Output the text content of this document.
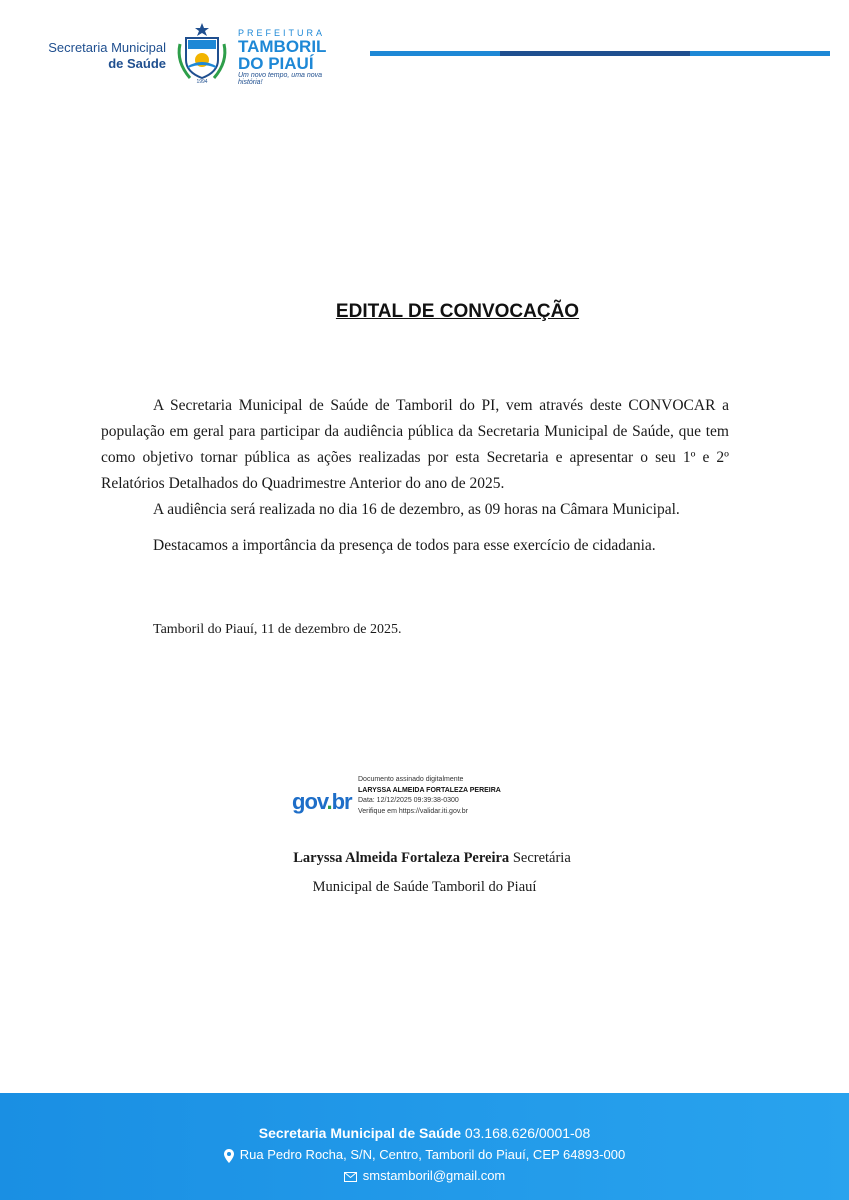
Secretaria Municipal
de Saúde
1994
PREFEITURA
TAMBORIL
DO PIAUÍ
Um novo tempo, uma nova história!
EDITAL DE CONVOCAÇÃO
A Secretaria Municipal de Saúde de Tamboril do PI, vem através deste CONVOCAR a população em geral para participar da audiência pública da Secretaria Municipal de Saúde, que tem como objetivo tornar pública as ações realizadas por esta Secretaria e apresentar o seu 1º e 2º Relatórios Detalhados do Quadrimestre Anterior do ano de 2025.
A audiência será realizada no dia 16 de dezembro, as 09 horas na Câmara Municipal.
Destacamos a importância da presença de todos para esse exercício de cidadania.
Tamboril do Piauí, 11 de dezembro de 2025.
gov.br
Documento assinado digitalmente
LARYSSA ALMEIDA FORTALEZA PEREIRA
Data: 12/12/2025 09:39:38-0300
Verifique em https://validar.iti.gov.br
Laryssa Almeida Fortaleza Pereira Secretária
Municipal de Saúde Tamboril do Piauí
Secretaria Municipal de Saúde 03.168.626/0001-08
Rua Pedro Rocha, S/N, Centro, Tamboril do Piauí, CEP 64893-000
smstamboril@gmail.com
